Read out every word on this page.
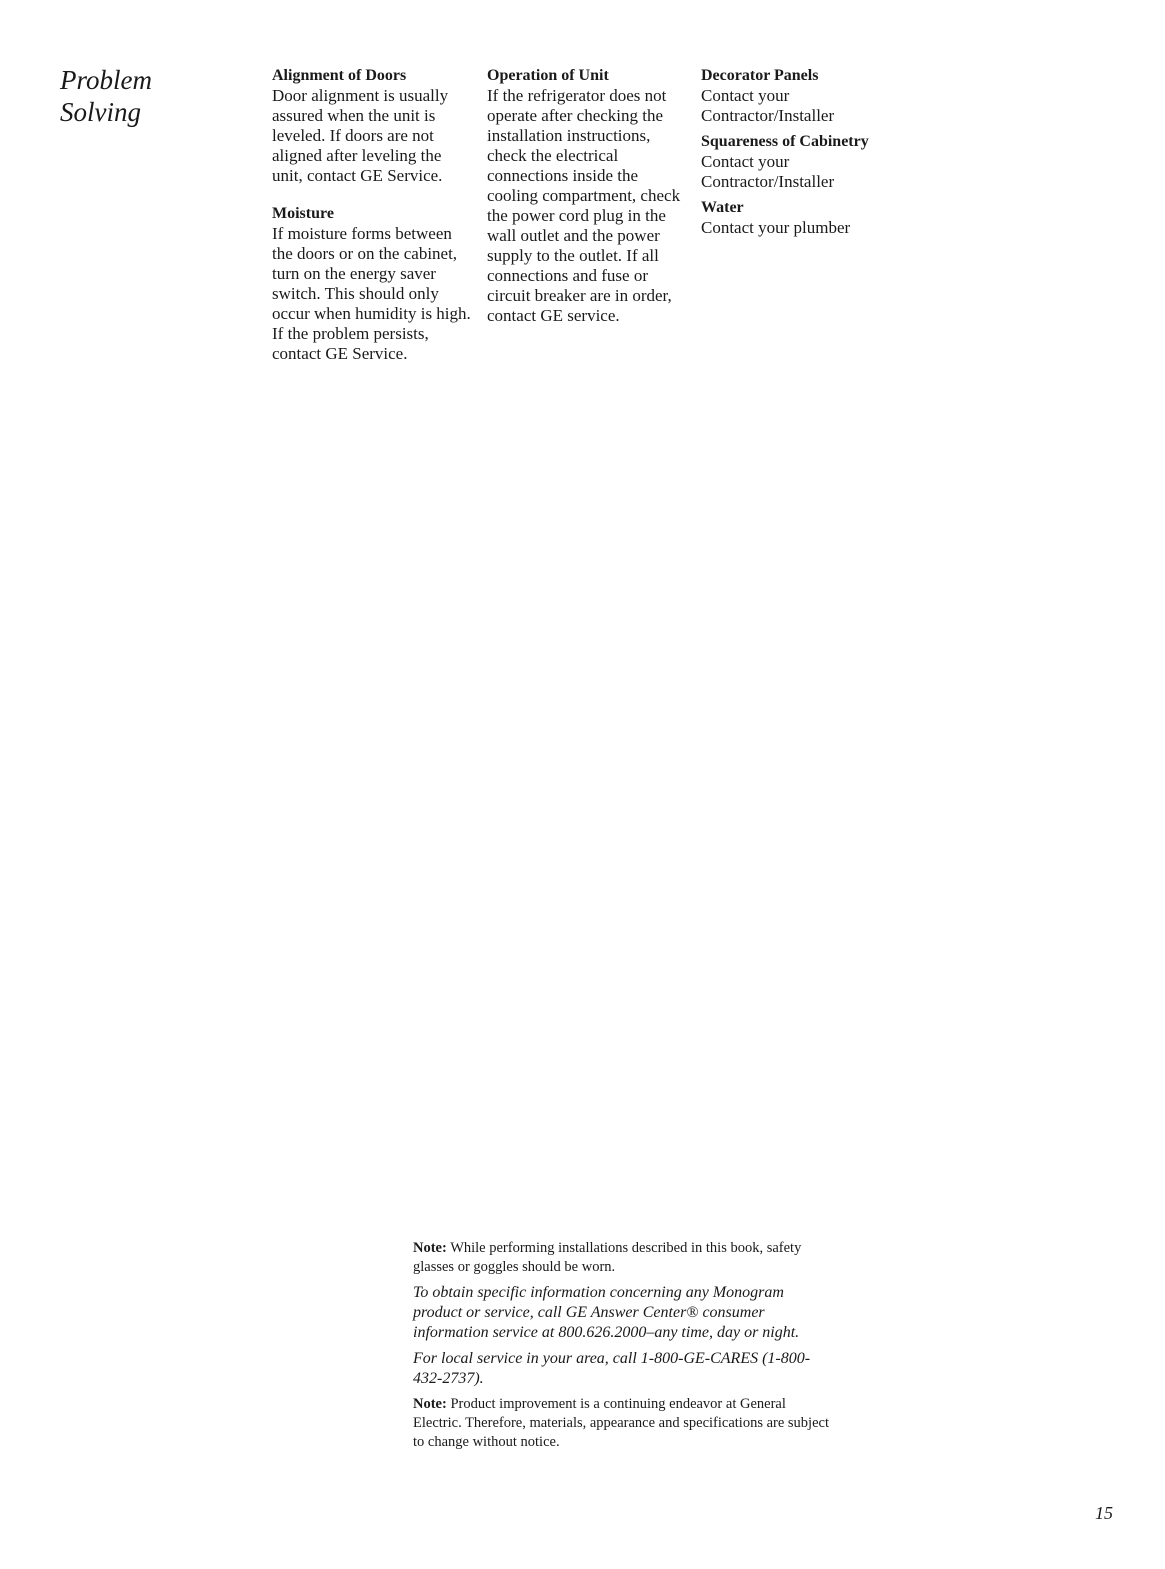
Problem
Solving
Alignment of Doors
Door alignment is usually assured when the unit is leveled. If doors are not aligned after leveling the unit, contact GE Service.
Moisture
If moisture forms between the doors or on the cabinet, turn on the energy saver switch. This should only occur when humidity is high. If the problem persists, contact GE Service.
Operation of Unit
If the refrigerator does not operate after checking the installation instructions, check the electrical connections inside the cooling compartment, check the power cord plug in the wall outlet and the power supply to the outlet. If all connections and fuse or circuit breaker are in order, contact GE service.
Decorator Panels
Contact your Contractor/Installer
Squareness of Cabinetry
Contact your Contractor/Installer
Water
Contact your plumber

Note: While performing installations described in this book, safety glasses or goggles should be worn.

To obtain specific information concerning any Monogram product or service, call GE Answer Center® consumer information service at 800.626.2000–any time, day or night.

For local service in your area, call 1-800-GE-CARES (1-800-432-2737).

Note: Product improvement is a continuing endeavor at General Electric. Therefore, materials, appearance and specifications are subject to change without notice.

15
